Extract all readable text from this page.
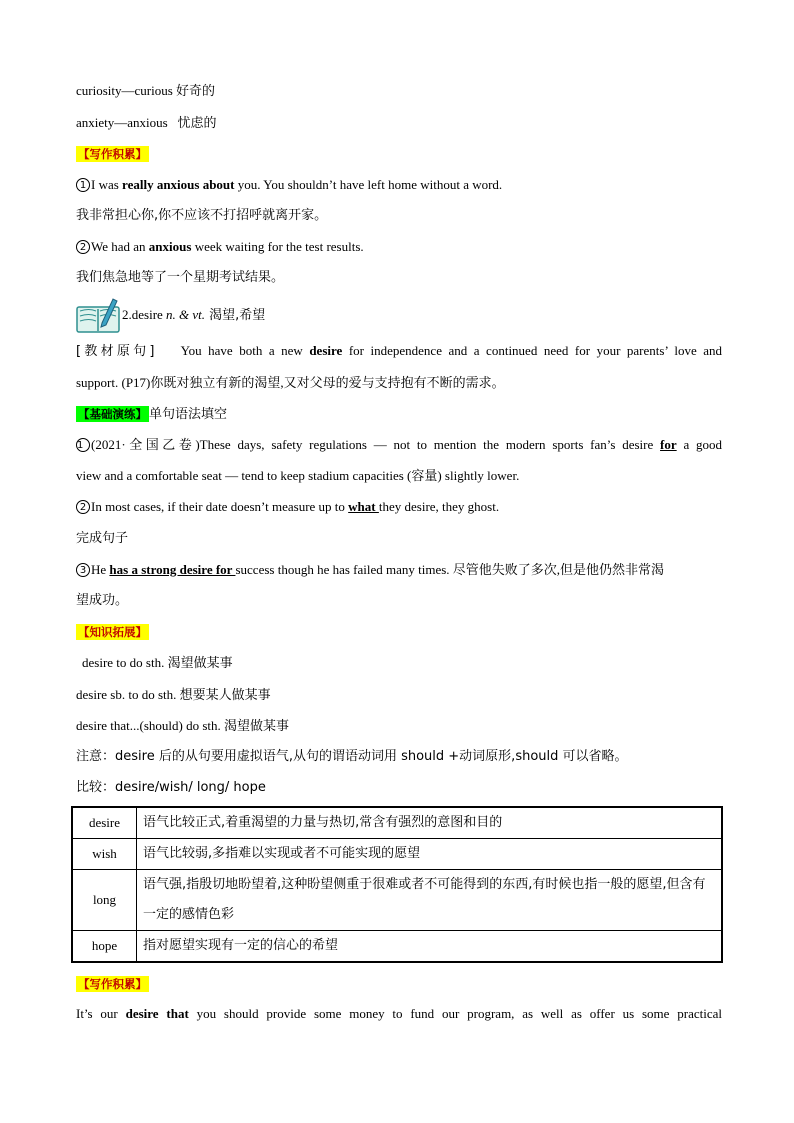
curiosity—curious 好奇的
anxiety—anxious 忧虑的
【写作积累】
1 I was really anxious about you. You shouldn’t have left home without a word.
我非常担心你,你不应该不打招呼就离开家。
2 We had an anxious week waiting for the test results.
我们焦急地等了一个星期考试结果。
2.desire n. & vt. 渴望,希望
[教材原句] You have both a new desire for independence and a continued need for your parents’ love and
support. (P17)你既对独立有新的渴望,又对父母的爱与支持抱有不断的需求。
【基础演练】 单句语法填空
1 (2021·全国乙卷)These days, safety regulations — not to mention the modern sports fan’s desire for a good
view and a comfortable seat — tend to keep stadium capacities (容量) slightly lower.
2 In most cases, if their date doesn’t measure up to what they desire, they ghost.
完成句子
3 He has a strong desire for success though he has failed many times. 尽管他失败了多次,但是他仍然非常渴
望成功。
【知识拓展】
desire to do sth. 渴望做某事
desire sb. to do sth. 想要某人做某事
desire that...(should) do sth. 渴望做某事
注意：desire 后的从句要用虚拟语气,从句的谓语动词用 should +动词原形,should 可以省略。
比较：desire/wish/ long/ hope
desire	语气比较正式,着重渴望的力量与热切,常含有强烈的意图和目的
wish	语气比较弱,多指难以实现或者不可能实现的愿望
long	语气强,指殷切地盼望着,这种盼望侧重于很难或者不可能得到的东西,有时候也指一般的愿望,但含有一定的感情色彩
hope	指对愿望实现有一定的信心的希望
【写作积累】
It’s our desire that you should provide some money to fund our program, as well as offer us some practical
